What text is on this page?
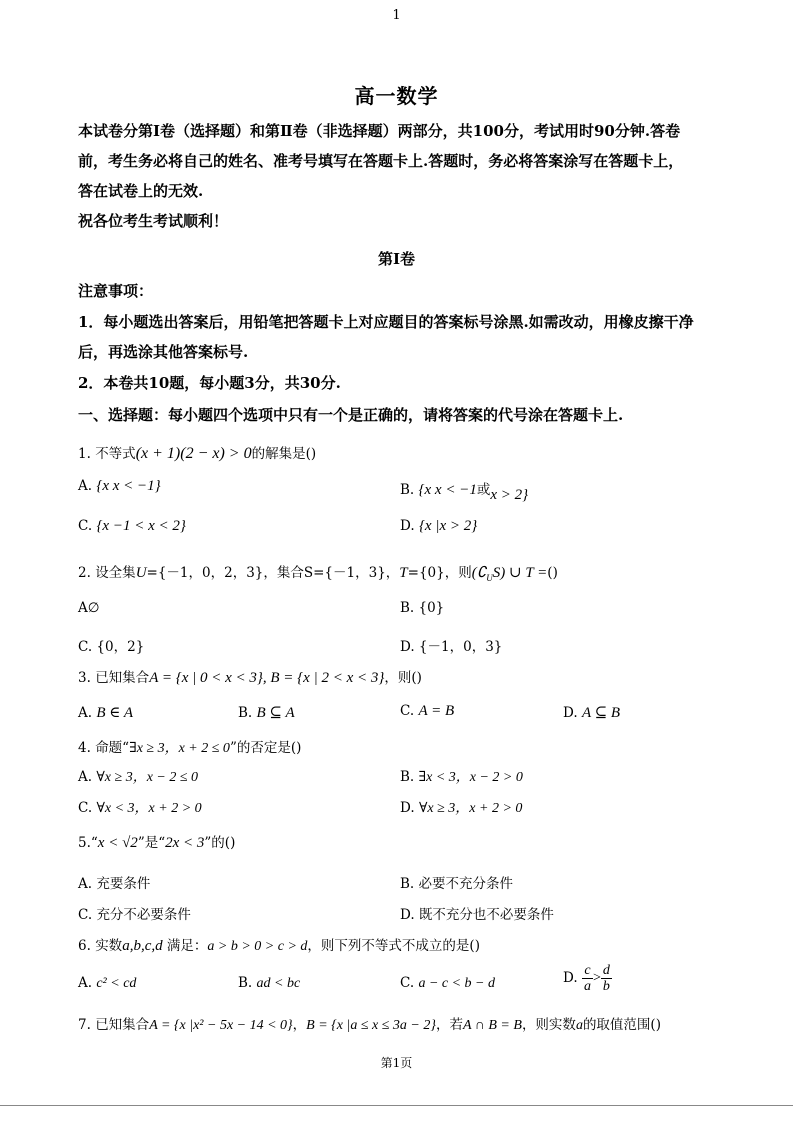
1
高一数学

本试卷分第Ⅰ卷（选择题）和第Ⅱ卷（非选择题）两部分，共100分，考试用时90分钟.答卷

前，考生务必将自己的姓名、准考号填写在答题卡上.答题时，务必将答案涂写在答题卡上，

答在试卷上的无效.

祝各位考生考试顺利！

第Ⅰ卷
注意事项：
1．每小题选出答案后，用铅笔把答题卡上对应题目的答案标号涂黑.如需改动，用橡皮擦干净
后，再选涂其他答案标号.
2．本卷共10题，每小题3分，共30分.
一、选择题：每小题四个选项中只有一个是正确的，请将答案的代号涂在答题卡上.
1. 不等式(x + 1)(2 − x) > 0的解集是()
A. {x x < −1}	B. {x x < −1或x > 2}
C. {x −1 < x < 2}	D. {x |x > 2}
2. 设全集U={－1，0，2，3}，集合S={－1，3}，T={0}，则$(∁_US)$ ∪ T =()
A∅	B. {0}
C. {0，2}	D. {－1，0，3}
3. 已知集合A = {x | 0 < x < 3}, B = {x | 2 < x < 3}，则()
A. B ∈ A	B. B ⊆ A	C. A = B	D. A ⊆ B
4. 命题“∃x ≥ 3，x + 2 ≤ 0”的否定是()
A. ∀x ≥ 3，x − 2 ≤ 0	B. ∃x < 3，x − 2 > 0
C. ∀x < 3，x + 2 > 0	D. ∀x ≥ 3，x + 2 > 0
5.“x < √2”是“2x < 3”的()
A. 充要条件	B. 必要不充分条件
C. 充分不必要条件	D. 既不充分也不必要条件
6. 实数a,b,c,d 满足：a > b > 0 > c > d，则下列不等式不成立的是()
A. c² < cd	B. ad < bc	C. a − c < b − d	D. $\frac{c}{a} > \frac{d}{b}$
7. 已知集合A = {x |x² − 5x − 14 < 0}，B = {x |a ≤ x ≤ 3a − 2}，若A ∩ B = B，则实数a的取值范围()
第1页
